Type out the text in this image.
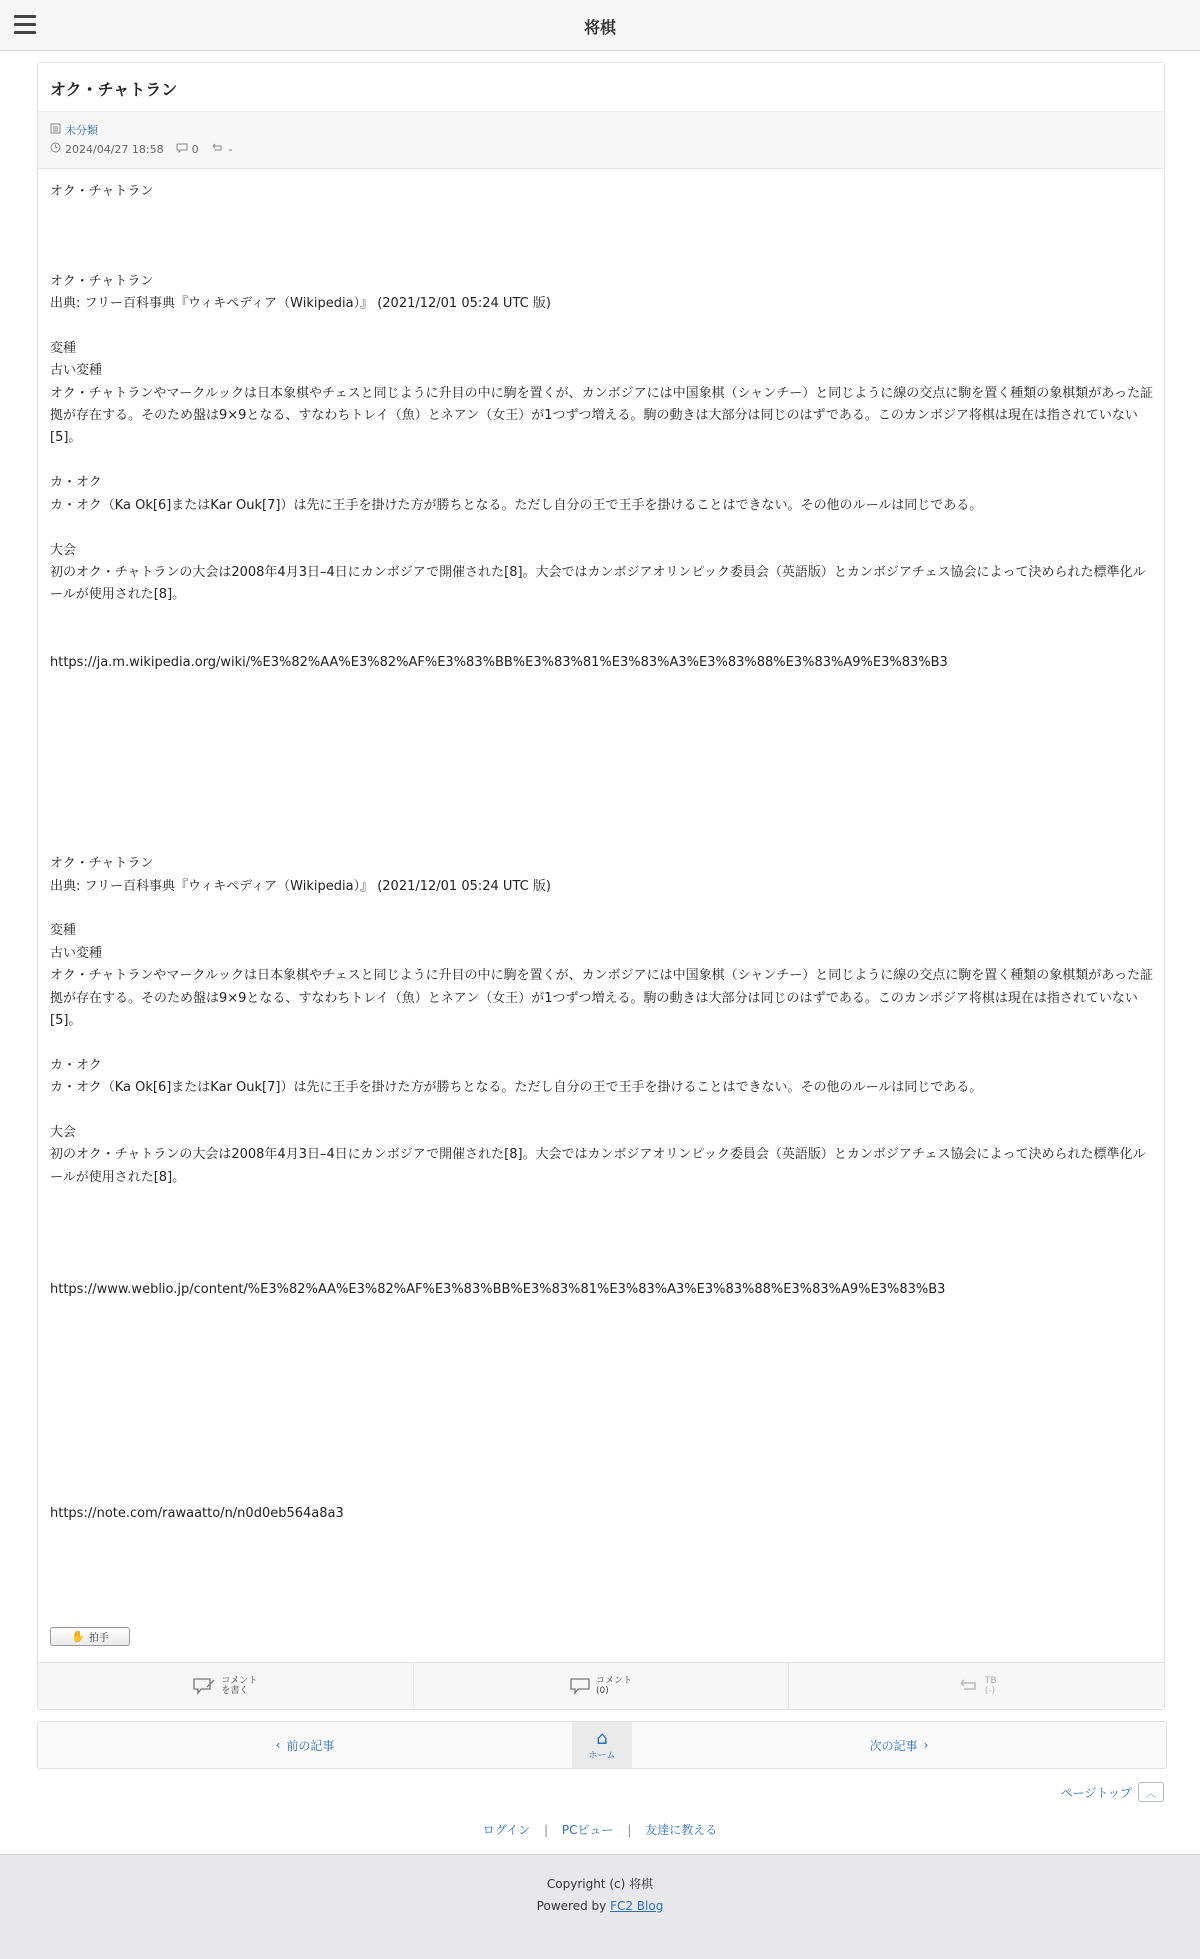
将棋
オク・チャトラン
未分類
2024/04/27 18:58	0	-
オク・チャトラン

オク・チャトラン
出典: フリー百科事典『ウィキペディア（Wikipedia）』 (2021/12/01 05:24 UTC 版)

変種
古い変種
オク・チャトランやマークルックは日本象棋やチェスと同じように升目の中に駒を置くが、カンボジアには中国象棋（シャンチー）と同じように線の交点に駒を置く種類の象棋類があった証拠が存在する。そのため盤は9×9となる、すなわちトレイ（魚）とネアン（女王）が1つずつ増える。駒の動きは大部分は同じのはずである。このカンボジア将棋は現在は指されていない[5]。

カ・オク
カ・オク（Ka Ok[6]またはKar Ouk[7]）は先に王手を掛けた方が勝ちとなる。ただし自分の王で王手を掛けることはできない。その他のルールは同じである。

大会
初のオク・チャトランの大会は2008年4月3日–4日にカンボジアで開催された[8]。大会ではカンボジアオリンピック委員会（英語版）とカンボジアチェス協会によって決められた標準化ルールが使用された[8]。

https://ja.m.wikipedia.org/wiki/%E3%82%AA%E3%82%AF%E3%83%BB%E3%83%81%E3%83%A3%E3%83%88%E3%83%A9%E3%83%B3

オク・チャトラン
出典: フリー百科事典『ウィキペディア（Wikipedia）』 (2021/12/01 05:24 UTC 版)

変種
古い変種
オク・チャトランやマークルックは日本象棋やチェスと同じように升目の中に駒を置くが、カンボジアには中国象棋（シャンチー）と同じように線の交点に駒を置く種類の象棋類があった証拠が存在する。そのため盤は9×9となる、すなわちトレイ（魚）とネアン（女王）が1つずつ増える。駒の動きは大部分は同じのはずである。このカンボジア将棋は現在は指されていない[5]。

カ・オク
カ・オク（Ka Ok[6]またはKar Ouk[7]）は先に王手を掛けた方が勝ちとなる。ただし自分の王で王手を掛けることはできない。その他のルールは同じである。

大会
初のオク・チャトランの大会は2008年4月3日–4日にカンボジアで開催された[8]。大会ではカンボジアオリンピック委員会（英語版）とカンボジアチェス協会によって決められた標準化ルールが使用された[8]。

https://www.weblio.jp/content/%E3%82%AA%E3%82%AF%E3%83%BB%E3%83%81%E3%83%A3%E3%83%88%E3%83%A9%E3%83%B3

https://note.com/rawaatto/n/n0d0eb564a8a3
✋ 拍手
コメント
を書く
コメント
(0)
TB
(-)
‹ 前の記事	⌂
ホーム
次の記事 ›
ページトップ	︿
ログイン | PCビュー | 友達に教える
Copyright (c) 将棋
Powered by FC2 Blog
